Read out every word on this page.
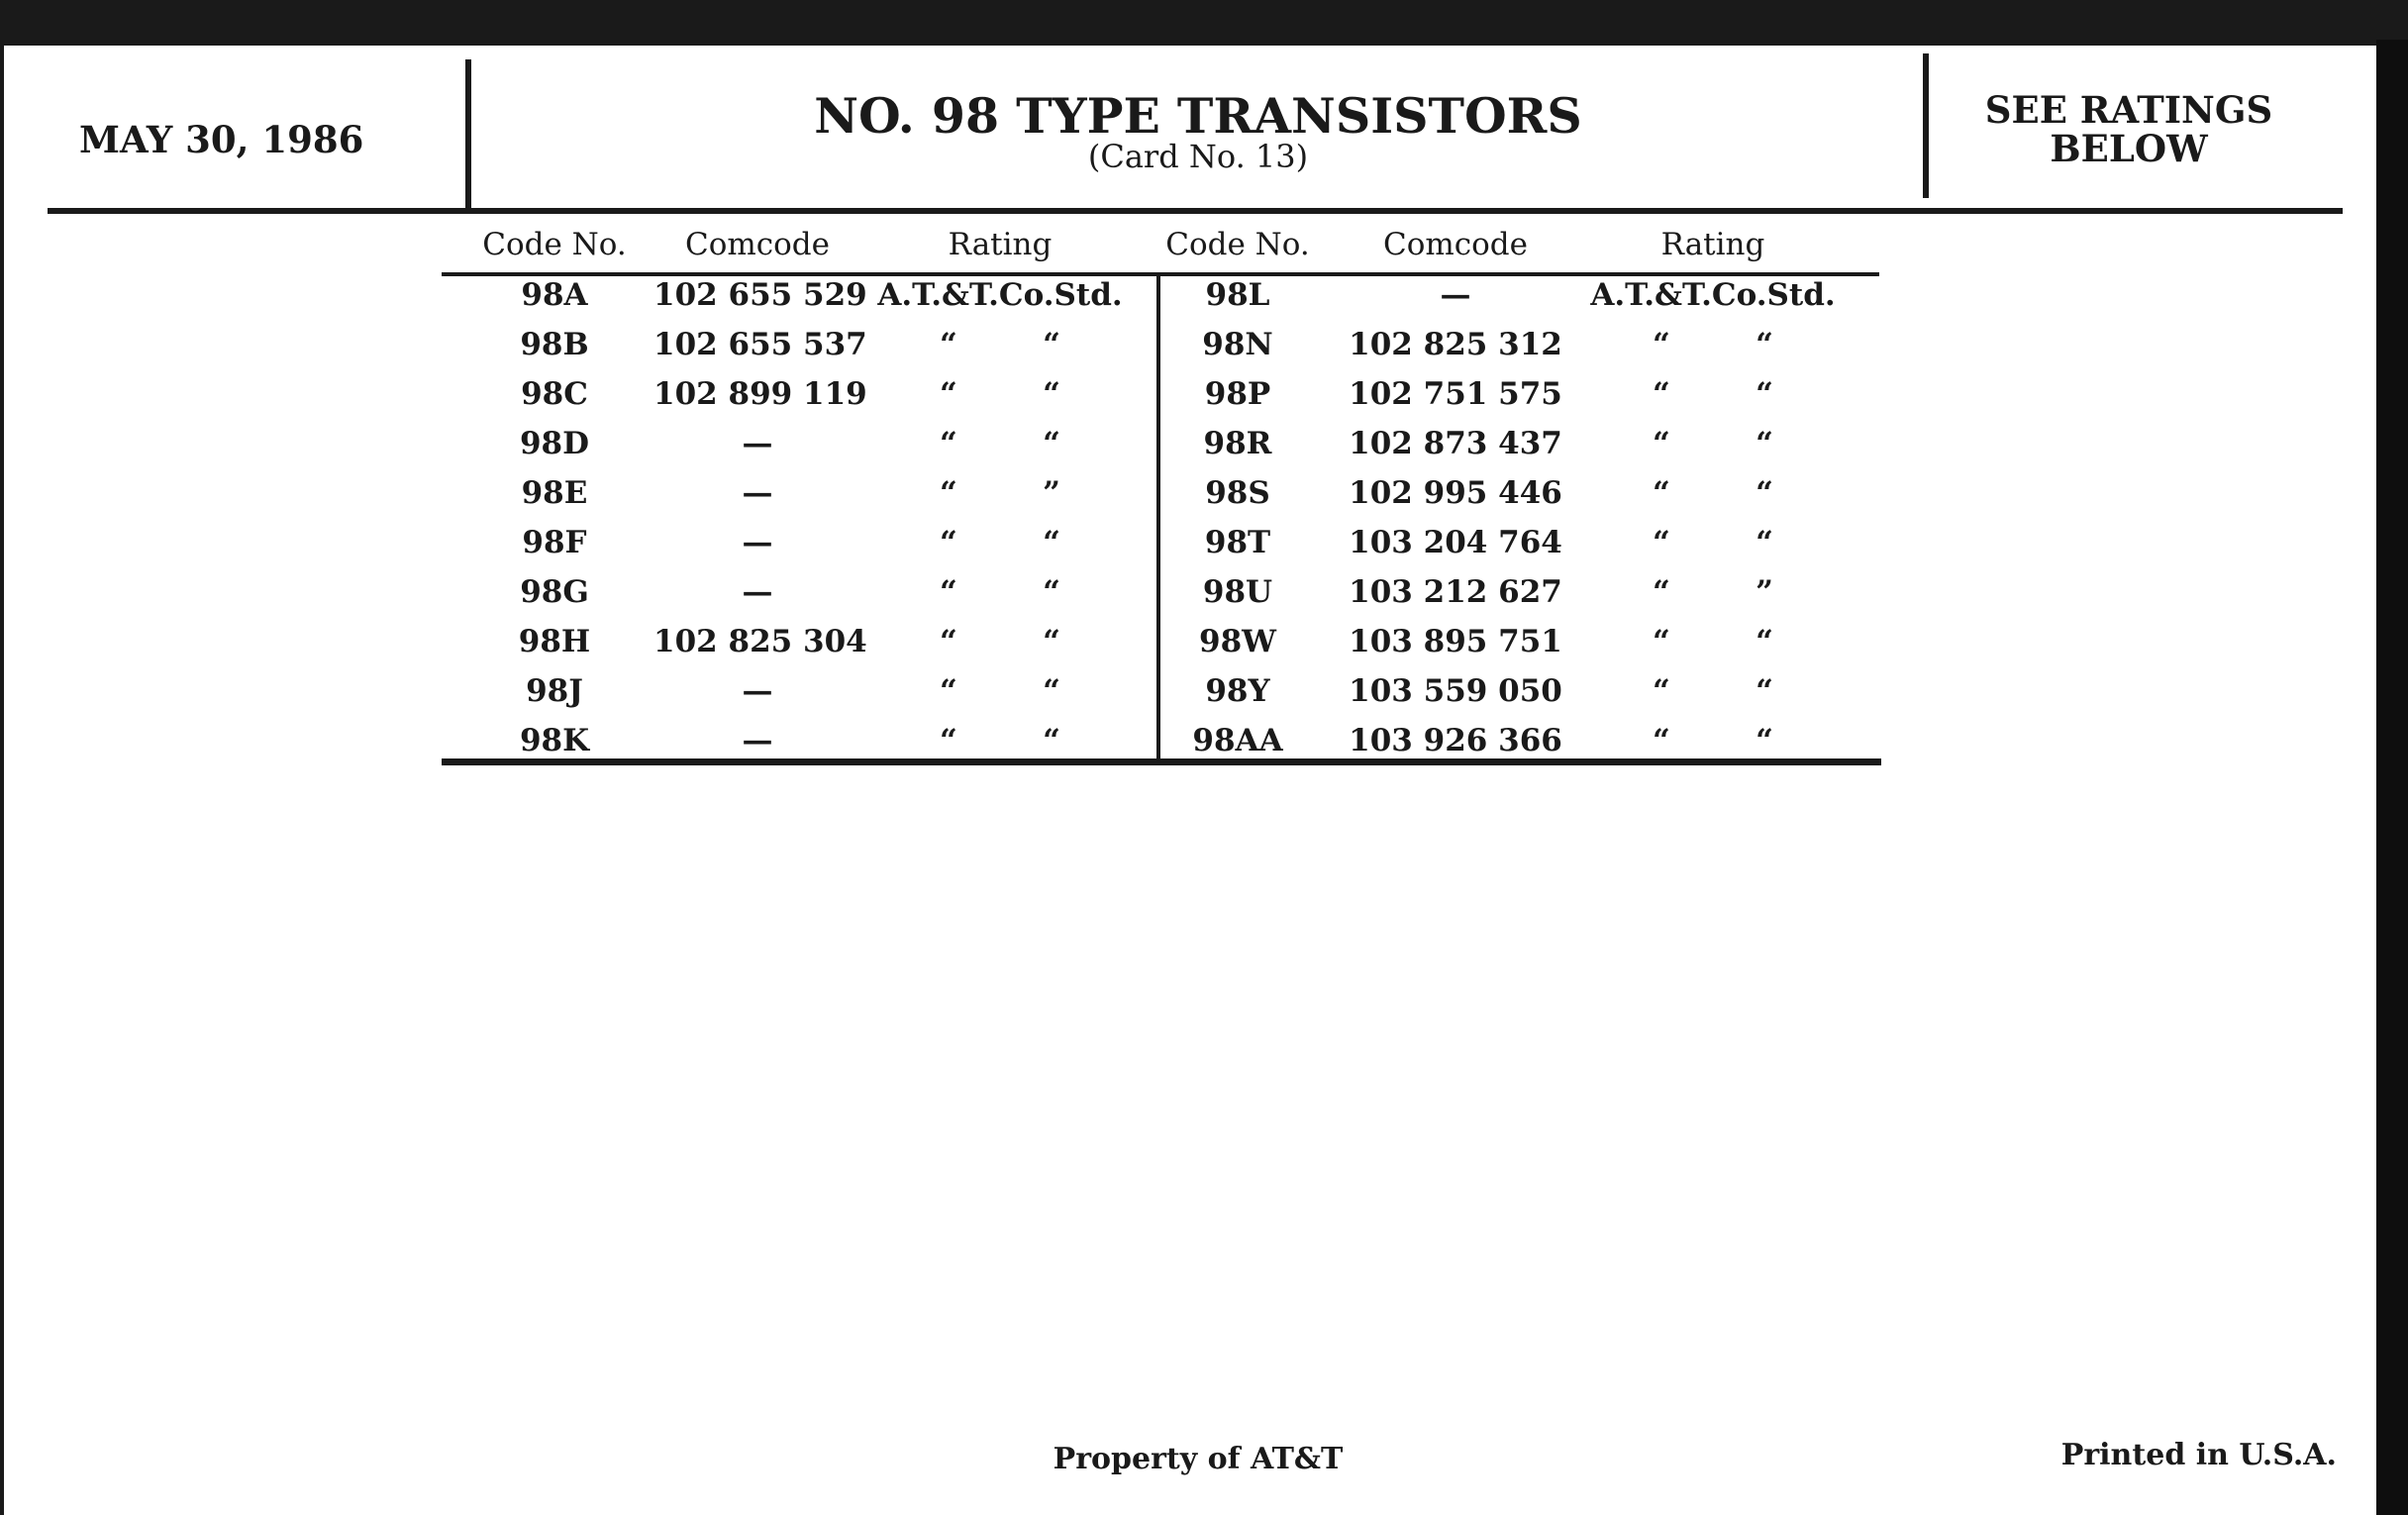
MAY 30, 1986	NO. 98 TYPE TRANSISTORS
(Card No. 13)
SEE RATINGS
BELOW
Code No.	Comcode	Rating	Code No.	Comcode	Rating
98A	102 655 529 A.T.&T.Co.Std.
98B	102 655 537	“        “
98C	102 899 119	“        “
98D	—	“        “
98E	—	“        ”
98F	—	“        “
98G	—	“        “
98H	102 825 304	“        “
98J	—	“        “
98K	—	“        “
98L	—	A.T.&T.Co.Std.
98N	102 825 312	“        “
98P	102 751 575	“        “
98R	102 873 437	“        “
98S	102 995 446	“        “
98T	103 204 764	“        “
98U	103 212 627	“        ”
98W	103 895 751	“        “
98Y	103 559 050	“        “
98AA	103 926 366	“        “
Property of AT&T	Printed in U.S.A.
